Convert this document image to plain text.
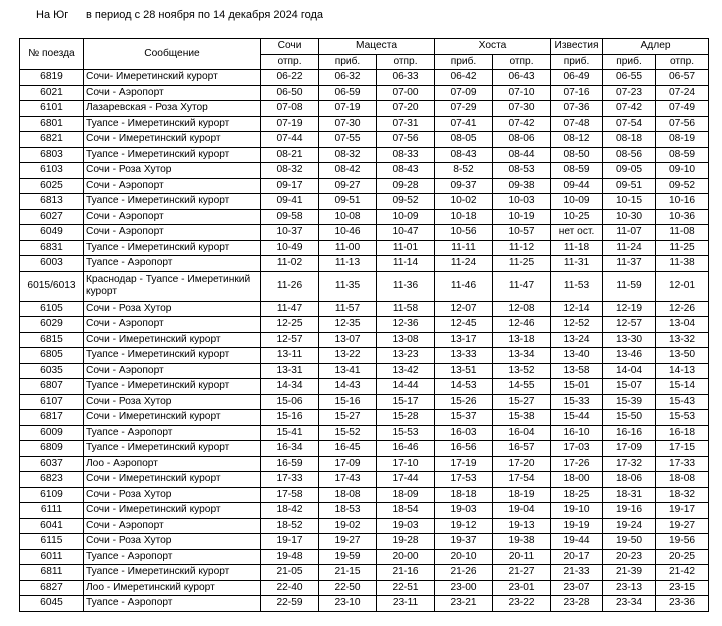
На Юг в период с 28 ноября по 14 декабря 2024 года
№ поезда	Сообщение	Сочи	Мацеста		Хоста		Известия	Адлер	
		отпр.	приб.	отпр.	приб.	отпр.	приб.	приб.	отпр.
6819	Сочи- Имеретинский курорт	06-22	06-32	06-33	06-42	06-43	06-49	06-55	06-57
6021	Сочи - Аэропорт	06-50	06-59	07-00	07-09	07-10	07-16	07-23	07-24
6101	Лазаревская - Роза Хутор	07-08	07-19	07-20	07-29	07-30	07-36	07-42	07-49
6801	Туапсе - Имеретинский курорт	07-19	07-30	07-31	07-41	07-42	07-48	07-54	07-56
6821	Сочи - Имеретинский курорт	07-44	07-55	07-56	08-05	08-06	08-12	08-18	08-19
6803	Туапсе - Имеретинский курорт	08-21	08-32	08-33	08-43	08-44	08-50	08-56	08-59
6103	Сочи - Роза Хутор	08-32	08-42	08-43	8-52	08-53	08-59	09-05	09-10
6025	Сочи - Аэропорт	09-17	09-27	09-28	09-37	09-38	09-44	09-51	09-52
6813	Туапсе - Имеретинский курорт	09-41	09-51	09-52	10-02	10-03	10-09	10-15	10-16
6027	Сочи - Аэропорт	09-58	10-08	10-09	10-18	10-19	10-25	10-30	10-36
6049	Сочи - Аэропорт	10-37	10-46	10-47	10-56	10-57	нет ост.	11-07	11-08
6831	Туапсе - Имеретинский курорт	10-49	11-00	11-01	11-11	11-12	11-18	11-24	11-25
6003	Туапсе - Аэропорт	11-02	11-13	11-14	11-24	11-25	11-31	11-37	11-38
6015/6013	Краснодар - Туапсе - Имеретинкий курорт	11-26	11-35	11-36	11-46	11-47	11-53	11-59	12-01
6105	Сочи - Роза Хутор	11-47	11-57	11-58	12-07	12-08	12-14	12-19	12-26
6029	Сочи - Аэропорт	12-25	12-35	12-36	12-45	12-46	12-52	12-57	13-04
6815	Сочи - Имеретинский курорт	12-57	13-07	13-08	13-17	13-18	13-24	13-30	13-32
6805	Туапсе - Имеретинский курорт	13-11	13-22	13-23	13-33	13-34	13-40	13-46	13-50
6035	Сочи - Аэропорт	13-31	13-41	13-42	13-51	13-52	13-58	14-04	14-13
6807	Туапсе - Имеретинский курорт	14-34	14-43	14-44	14-53	14-55	15-01	15-07	15-14
6107	Сочи - Роза Хутор	15-06	15-16	15-17	15-26	15-27	15-33	15-39	15-43
6817	Сочи - Имеретинский курорт	15-16	15-27	15-28	15-37	15-38	15-44	15-50	15-53
6009	Туапсе - Аэропорт	15-41	15-52	15-53	16-03	16-04	16-10	16-16	16-18
6809	Туапсе - Имеретинский курорт	16-34	16-45	16-46	16-56	16-57	17-03	17-09	17-15
6037	Лоо - Аэропорт	16-59	17-09	17-10	17-19	17-20	17-26	17-32	17-33
6823	Сочи - Имеретинский курорт	17-33	17-43	17-44	17-53	17-54	18-00	18-06	18-08
6109	Сочи - Роза Хутор	17-58	18-08	18-09	18-18	18-19	18-25	18-31	18-32
6111	Сочи - Имеретинский курорт	18-42	18-53	18-54	19-03	19-04	19-10	19-16	19-17
6041	Сочи - Аэропорт	18-52	19-02	19-03	19-12	19-13	19-19	19-24	19-27
6115	Сочи - Роза Хутор	19-17	19-27	19-28	19-37	19-38	19-44	19-50	19-56
6011	Туапсе - Аэропорт	19-48	19-59	20-00	20-10	20-11	20-17	20-23	20-25
6811	Туапсе - Имеретинский курорт	21-05	21-15	21-16	21-26	21-27	21-33	21-39	21-42
6827	Лоо - Имеретинский курорт	22-40	22-50	22-51	23-00	23-01	23-07	23-13	23-15
6045	Туапсе - Аэропорт	22-59	23-10	23-11	23-21	23-22	23-28	23-34	23-36
